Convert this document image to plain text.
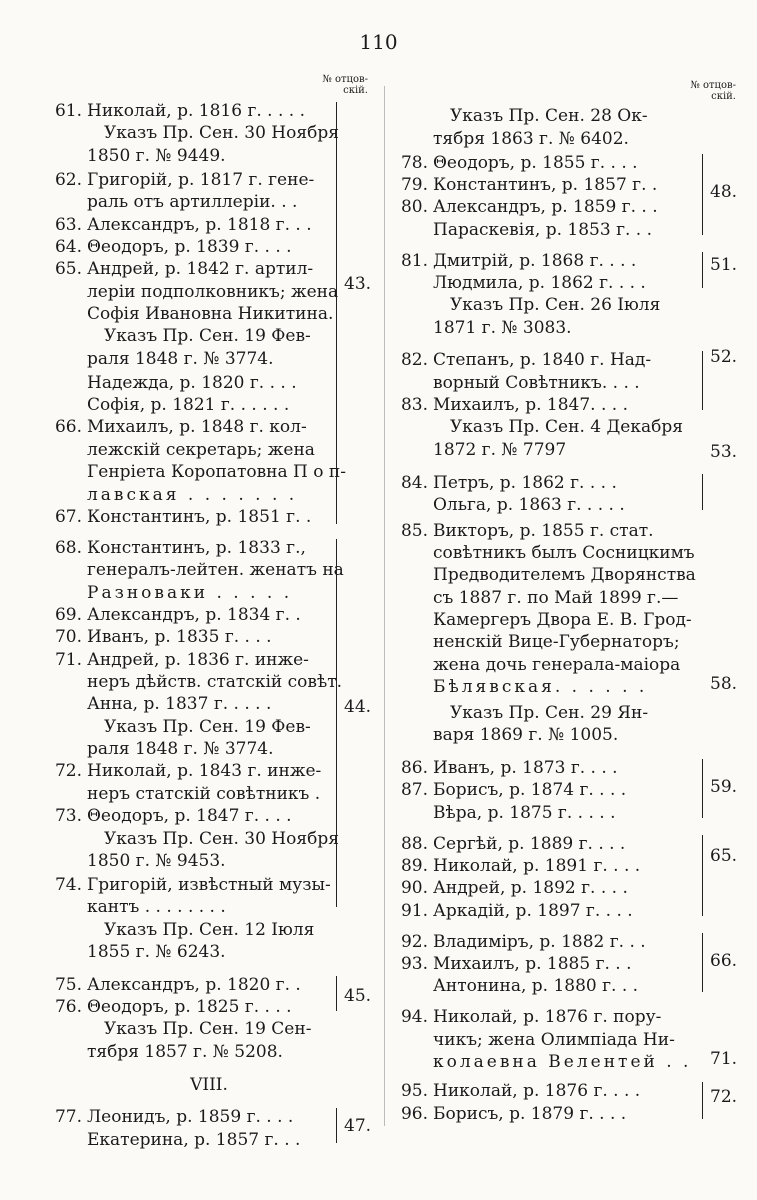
110
№ отцов-
скій.	№ отцов-
скій.
61. Николай, р. 1816 г. . . . .
Указъ Пр. Сен. 30 Ноября
1850 г. № 9449.
62. Григорій, р. 1817 г. гене-
раль отъ артиллеріи. . .
63. Александръ, р. 1818 г. . .
64. Θеодоръ, р. 1839 г. . . .
65. Андрей, р. 1842 г. артил-
леріи подполковникъ; жена
Софія Ивановна Никитина.
Указъ Пр. Сен. 19 Фев-
раля 1848 г. № 3774.
Надежда, р. 1820 г. . . .
Софія, р. 1821 г. . . . . .
66. Михаилъ, р. 1848 г. кол-
лежскій секретарь; жена
Генріета Коропатовна П о п-
лавская . . . . . . .
67. Константинъ, р. 1851 г. .
68. Константинъ, р. 1833 г.,
генералъ-лейтен. женатъ на
Разноваки . . . . .
69. Александръ, р. 1834 г. .
70. Иванъ, р. 1835 г. . . .
71. Андрей, р. 1836 г. инже-
неръ дѣйств. статскій совѣт.
Анна, р. 1837 г. . . . .
Указъ Пр. Сен. 19 Фев-
раля 1848 г. № 3774.
72. Николай, р. 1843 г. инже-
неръ статскій совѣтникъ .
73. Θеодоръ, р. 1847 г. . . .
Указъ Пр. Сен. 30 Ноября
1850 г. № 9453.
74. Григорій, извѣстный музы-
кантъ . . . . . . . .
Указъ Пр. Сен. 12 Іюля
1855 г. № 6243.
75. Александръ, р. 1820 г. .
76. Θеодоръ, р. 1825 г. . . .
Указъ Пр. Сен. 19 Сен-
тября 1857 г. № 5208.
VIII.
77. Леонидъ, р. 1859 г. . . .
Екатерина, р. 1857 г. . .
43.
44.
45.
47.
Указъ Пр. Сен. 28 Ок-
тября 1863 г. № 6402.
78. Θеодоръ, р. 1855 г. . . .
79. Константинъ, р. 1857 г. .
80. Александръ, р. 1859 г. . .
Параскевія, р. 1853 г. . .
81. Дмитрій, р. 1868 г. . . .
Людмила, р. 1862 г. . . .
Указъ Пр. Сен. 26 Іюля
1871 г. № 3083.
82. Степанъ, р. 1840 г. Над-
ворный Совѣтникъ. . . .
83. Михаилъ, р. 1847. . . .
Указъ Пр. Сен. 4 Декабря
1872 г. № 7797
84. Петръ, р. 1862 г. . . .
Ольга, р. 1863 г. . . . .
85. Викторъ, р. 1855 г. стат.
совѣтникъ былъ Сосницкимъ
Предводителемъ Дворянства
съ 1887 г. по Май 1899 г.—
Камергеръ Двора Е. В. Грод-
ненскій Вице-Губернаторъ;
жена дочь генерала-маіора
Бѣлявская. . . . . .
Указъ Пр. Сен. 29 Ян-
варя 1869 г. № 1005.
86. Иванъ, р. 1873 г. . . .
87. Борисъ, р. 1874 г. . . .
Вѣра, р. 1875 г. . . . .
88. Сергѣй, р. 1889 г. . . .
89. Николай, р. 1891 г. . . .
90. Андрей, р. 1892 г. . . .
91. Аркадій, р. 1897 г. . . .
92. Владиміръ, р. 1882 г. . .
93. Михаилъ, р. 1885 г. . .
Антонина, р. 1880 г. . .
94. Николай, р. 1876 г. пору-
чикъ; жена Олимпіада Ни-
колаевна Велентей . .
95. Николай, р. 1876 г. . . .
96. Борисъ, р. 1879 г. . . .
48.
51.
52.
53.
58.
59.
65.
66.
71.
72.
